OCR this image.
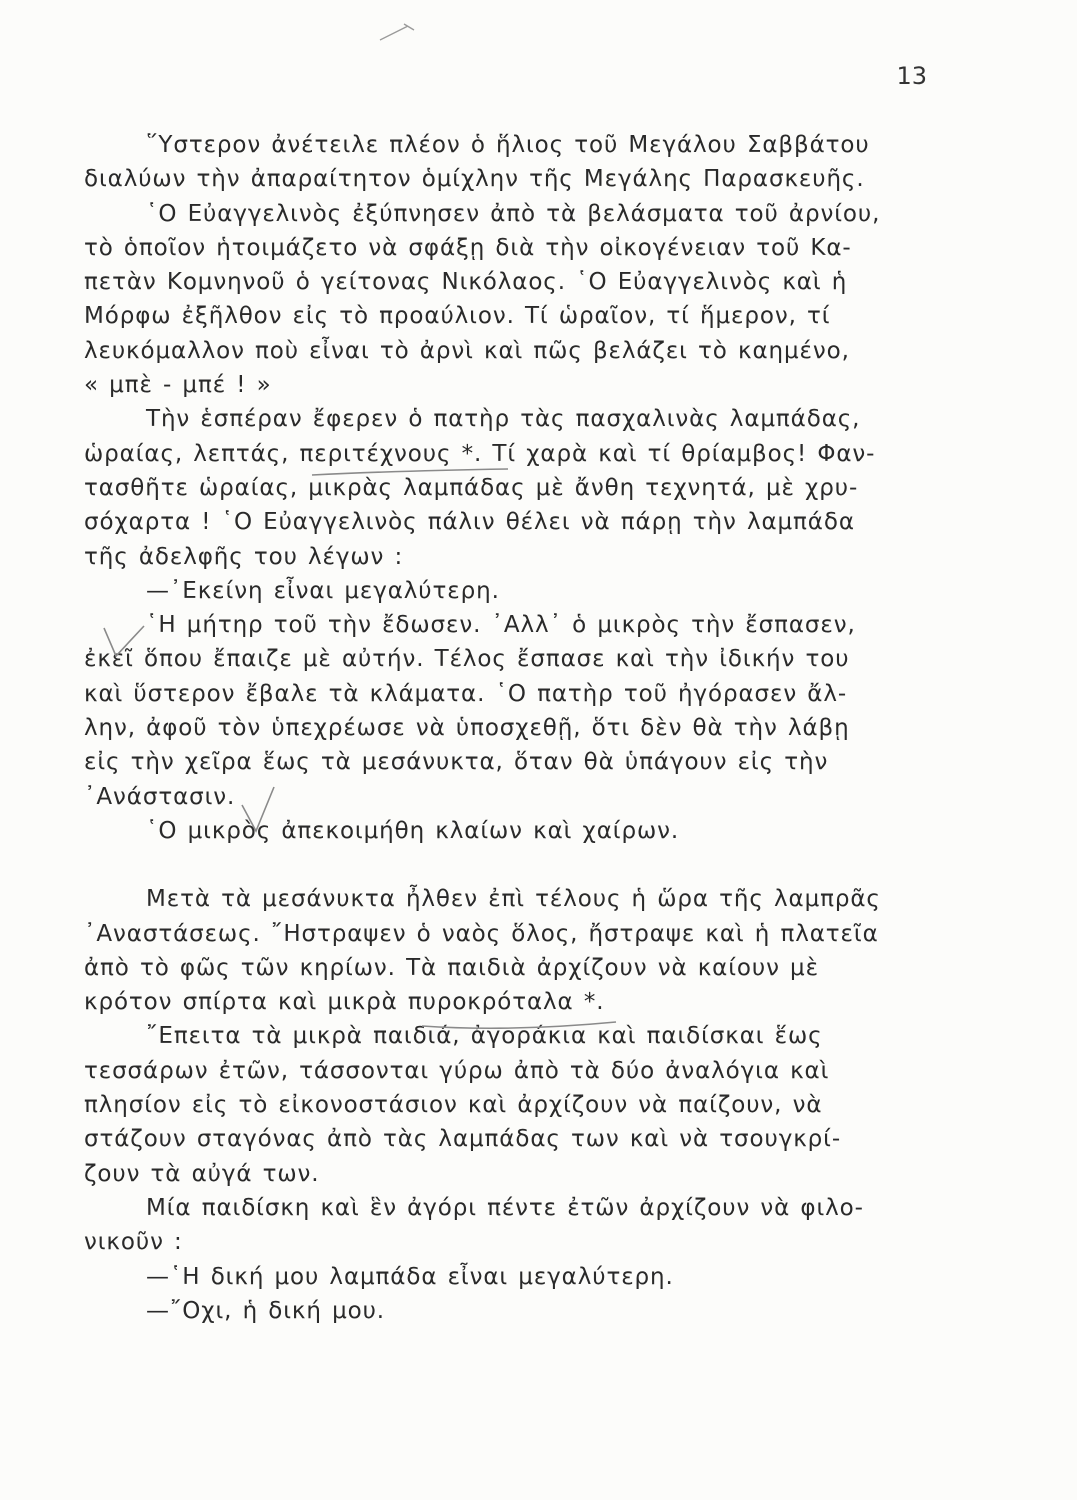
13

῞Υστερον ἀνέτειλε πλέον ὁ ἥλιος τοῦ Μεγάλου Σαββάτου
διαλύων τὴν ἀπαραίτητον ὁμίχλην τῆς Μεγάλης Παρασκευῆς.

῾Ο Εὐαγγελινὸς ἐξύπνησεν ἀπὸ τὰ βελάσματα τοῦ ἀρνίου,
τὸ ὁποῖον ἡτοιμάζετο νὰ σφάξῃ διὰ τὴν οἰκογένειαν τοῦ Κα-
πετὰν Κομνηνοῦ ὁ γείτονας Νικόλαος. ῾Ο Εὐαγγελινὸς καὶ ἡ
Μόρφω ἐξῆλθον εἰς τὸ προαύλιον. Τί ὡραῖον, τί ἥμερον, τί
λευκόμαλλον ποὺ εἶναι τὸ ἀρνὶ καὶ πῶς βελάζει τὸ καημένο,
« μπὲ - μπέ ! »

Τὴν ἑσπέραν ἔφερεν ὁ πατὴρ τὰς πασχαλινὰς λαμπάδας,
ὡραίας, λεπτάς, περιτέχνους *. Τί χαρὰ καὶ τί θρίαμβος! Φαν-
τασθῆτε ὡραίας, μικρὰς λαμπάδας μὲ ἄνθη τεχνητά, μὲ χρυ-
σόχαρτα ! ῾Ο Εὐαγγελινὸς πάλιν θέλει νὰ πάρῃ τὴν λαμπάδα
τῆς ἀδελφῆς του λέγων :

—᾿Εκείνη εἶναι μεγαλύτερη.

῾Η μήτηρ τοῦ τὴν ἔδωσεν. ᾿Αλλ᾿ ὁ μικρὸς τὴν ἔσπασεν,
ἐκεῖ ὅπου ἔπαιζε μὲ αὐτήν. Τέλος ἔσπασε καὶ τὴν ἰδικήν του
καὶ ὕστερον ἔβαλε τὰ κλάματα. ῾Ο πατὴρ τοῦ ἠγόρασεν ἄλ-
λην, ἀφοῦ τὸν ὑπεχρέωσε νὰ ὑποσχεθῇ, ὅτι δὲν θὰ τὴν λάβῃ
εἰς τὴν χεῖρα ἕως τὰ μεσάνυκτα, ὅταν θὰ ὑπάγουν εἰς τὴν
᾿Ανάστασιν.

῾Ο μικρὸς ἀπεκοιμήθη κλαίων καὶ χαίρων.

Μετὰ τὰ μεσάνυκτα ἦλθεν ἐπὶ τέλους ἡ ὥρα τῆς λαμπρᾶς
᾿Αναστάσεως. ῎Ηστραψεν ὁ ναὸς ὅλος, ἤστραψε καὶ ἡ πλατεῖα
ἀπὸ τὸ φῶς τῶν κηρίων. Τὰ παιδιὰ ἀρχίζουν νὰ καίουν μὲ
κρότον σπίρτα καὶ μικρὰ πυροκρόταλα *.

῎Επειτα τὰ μικρὰ παιδιά, ἀγοράκια καὶ παιδίσκαι ἕως
τεσσάρων ἐτῶν, τάσσονται γύρω ἀπὸ τὰ δύο ἀναλόγια καὶ
πλησίον εἰς τὸ εἰκονοστάσιον καὶ ἀρχίζουν νὰ παίζουν, νὰ
στάζουν σταγόνας ἀπὸ τὰς λαμπάδας των καὶ νὰ τσουγκρί-
ζουν τὰ αὐγά των.

Μία παιδίσκη καὶ ἓν ἀγόρι πέντε ἐτῶν ἀρχίζουν νὰ φιλο-
νικοῦν :

—῾Η δική μου λαμπάδα εἶναι μεγαλύτερη.

—῎Οχι, ἡ δική μου.
